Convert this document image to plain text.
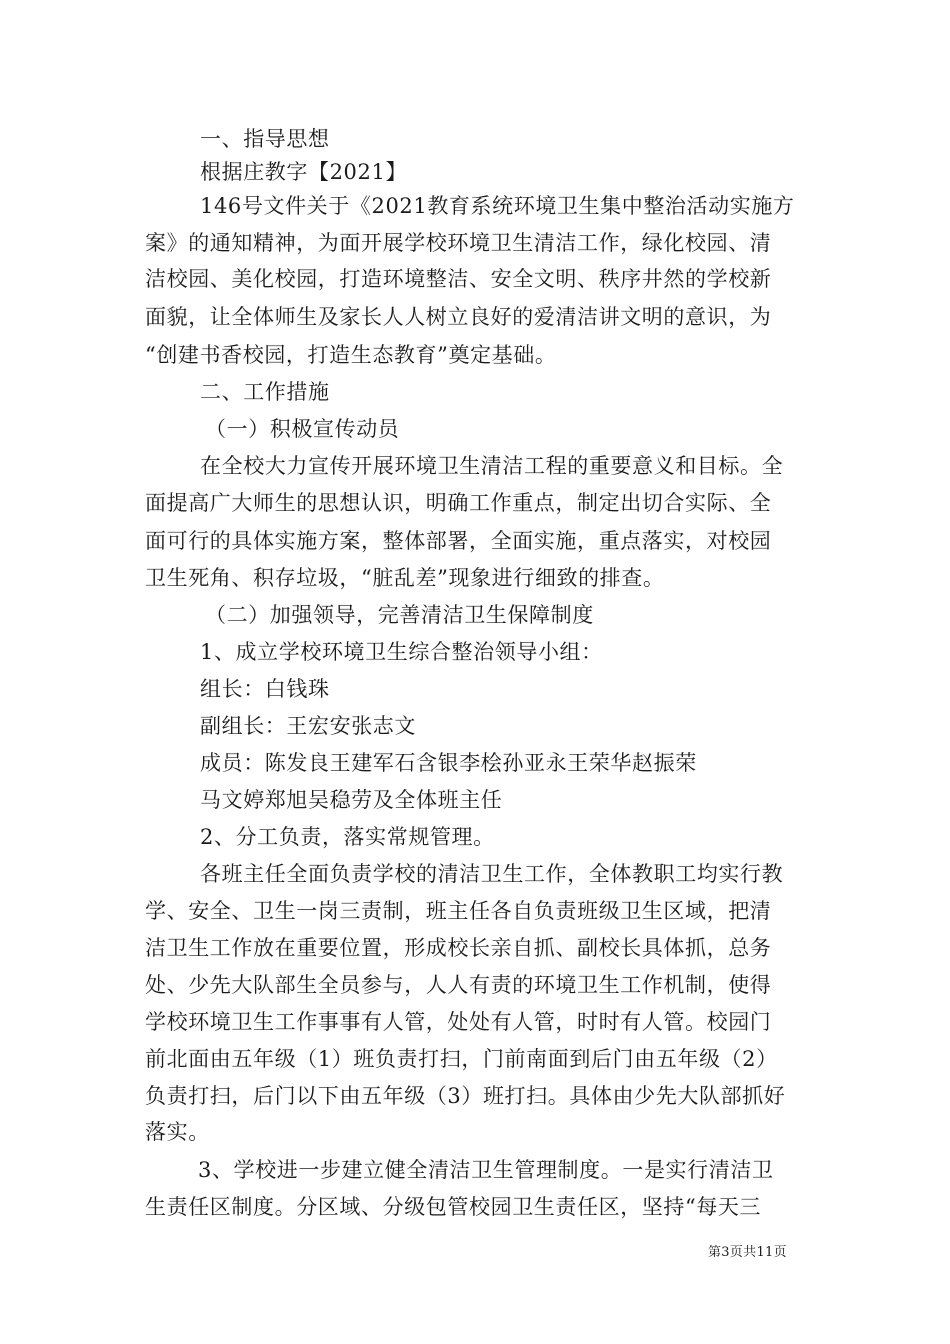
一、指导思想
根据庄教字【2021】
146号文件关于《2021教育系统环境卫生集中整治活动实施方
案》的通知精神，为面开展学校环境卫生清洁工作，绿化校园、清
洁校园、美化校园，打造环境整洁、安全文明、秩序井然的学校新
面貌，让全体师生及家长人人树立良好的爱清洁讲文明的意识，为
“创建书香校园，打造生态教育”奠定基础。
二、工作措施
（一）积极宣传动员
在全校大力宣传开展环境卫生清洁工程的重要意义和目标。全
面提高广大师生的思想认识，明确工作重点，制定出切合实际、全
面可行的具体实施方案，整体部署，全面实施，重点落实，对校园
卫生死角、积存垃圾，“脏乱差”现象进行细致的排查。
（二）加强领导，完善清洁卫生保障制度
1、成立学校环境卫生综合整治领导小组：
组长：白钱珠
副组长：王宏安张志文
成员：陈发良王建军石含银李桧孙亚永王荣华赵振荣
马文婷郑旭吴稳劳及全体班主任
2、分工负责，落实常规管理。
各班主任全面负责学校的清洁卫生工作，全体教职工均实行教
学、安全、卫生一岗三责制，班主任各自负责班级卫生区域，把清
洁卫生工作放在重要位置，形成校长亲自抓、副校长具体抓，总务
处、少先大队部生全员参与，人人有责的环境卫生工作机制，使得
学校环境卫生工作事事有人管，处处有人管，时时有人管。校园门
前北面由五年级（1）班负责打扫，门前南面到后门由五年级（2）
负责打扫，后门以下由五年级（3）班打扫。具体由少先大队部抓好
落实。
3、学校进一步建立健全清洁卫生管理制度。一是实行清洁卫
生责任区制度。分区域、分级包管校园卫生责任区，坚持“每天三
第3页共11页
